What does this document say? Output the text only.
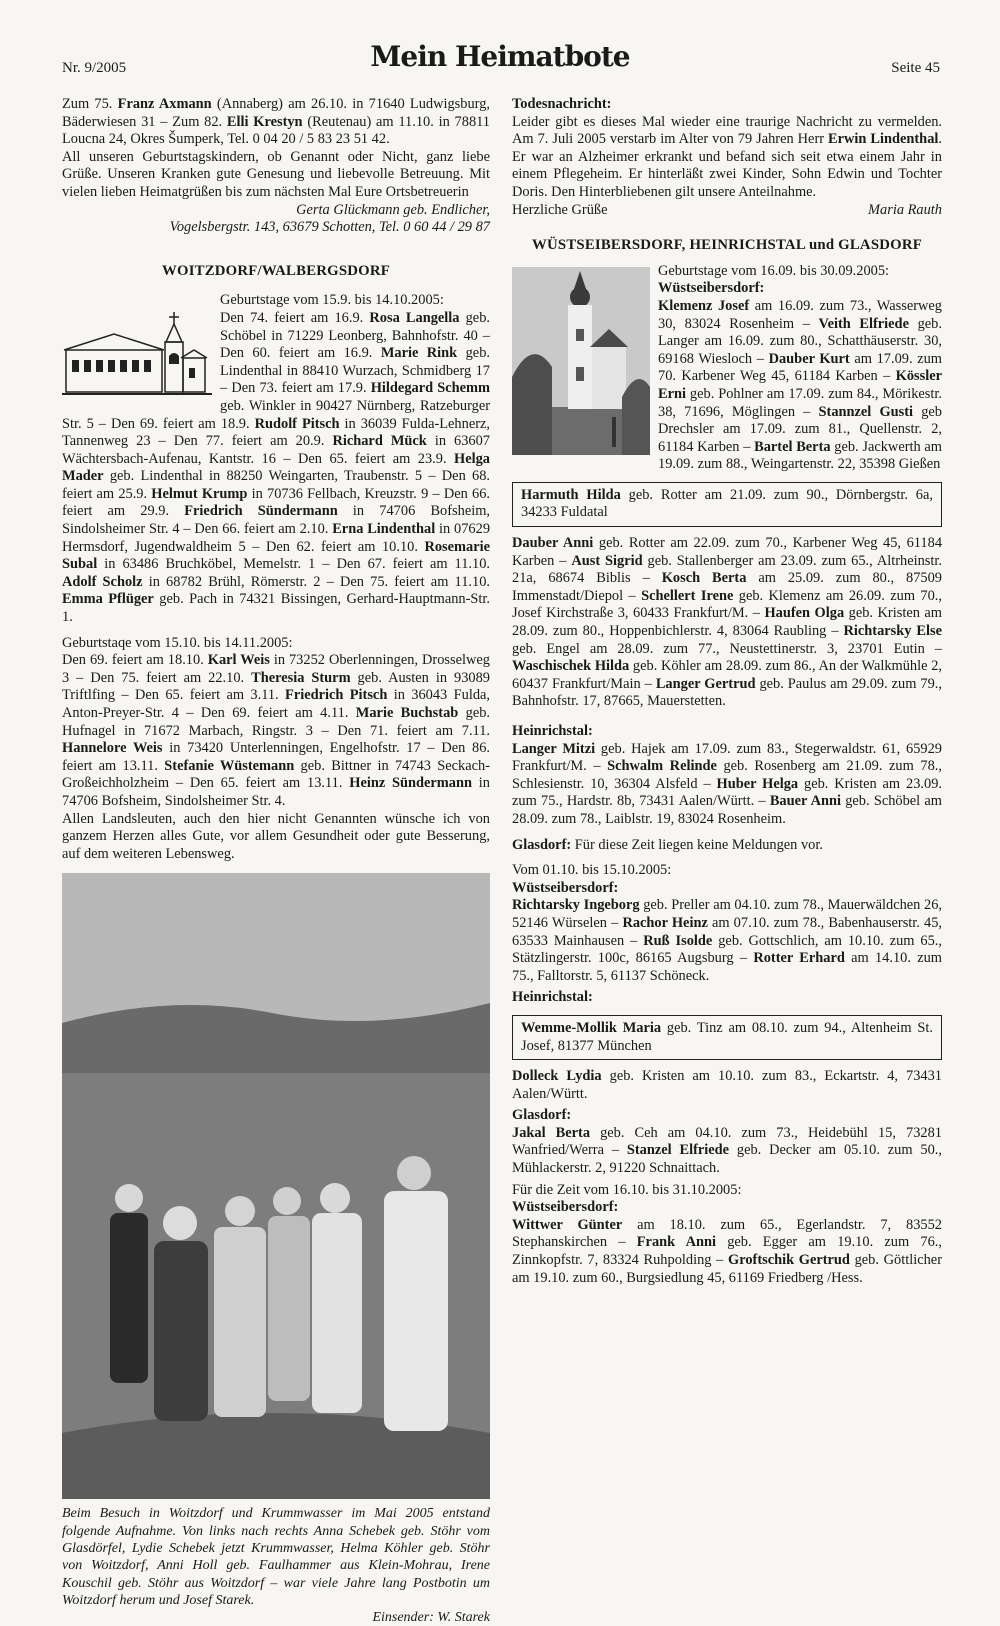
Nr. 9/2005	Mein Heimatbote	Seite 45

Zum 75. Franz Axmann (Annaberg) am 26.10. in 71640 Ludwigsburg, Bäderwiesen 31 – Zum 82. Elli Krestyn (Reutenau) am 11.10. in 78811 Loucna 24, Okres Šumperk, Tel. 0 04 20 / 5 83 23 51 42.

All unseren Geburtstagskindern, ob Genannt oder Nicht, ganz liebe Grüße. Unseren Kranken gute Genesung und liebevolle Betreuung. Mit vielen lieben Heimatgrüßen bis zum nächsten Mal Eure Ortsbetreuerin

Gerta Glückmann geb. Endlicher,
Vogelsbergstr. 143, 63679 Schotten, Tel. 0 60 44 / 29 87
WOITZDORF/WALBERGSDORF

Geburtstage vom 15.9. bis 14.10.2005:
Den 74. feiert am 16.9. Rosa Langella geb. Schöbel in 71229 Leonberg, Bahnhofstr. 40 – Den 60. feiert am 16.9. Marie Rink geb. Lindenthal in 88410 Wurzach, Schmidberg 17 – Den 73. feiert am 17.9. Hildegard Schemm geb. Winkler in 90427 Nürnberg, Ratzeburger Str. 5 – Den 69. feiert am 18.9. Rudolf Pitsch in 36039 Fulda-Lehnerz, Tannenweg 23 – Den 77. feiert am 20.9. Richard Mück in 63607 Wächtersbach-Aufenau, Kantstr. 16 – Den 65. feiert am 23.9. Helga Mader geb. Lindenthal in 88250 Weingarten, Traubenstr. 5 – Den 68. feiert am 25.9. Helmut Krump in 70736 Fellbach, Kreuzstr. 9 – Den 66. feiert am 29.9. Friedrich Sündermann in 74706 Bofsheim, Sindolsheimer Str. 4 – Den 66. feiert am 2.10. Erna Lindenthal in 07629 Hermsdorf, Jugendwaldheim 5 – Den 62. feiert am 10.10. Rosemarie Subal in 63486 Bruchköbel, Memelstr. 1 – Den 67. feiert am 11.10. Adolf Scholz in 68782 Brühl, Römerstr. 2 – Den 75. feiert am 11.10. Emma Pflüger geb. Pach in 74321 Bissingen, Gerhard-Hauptmann-Str. 1.

Geburtstaqe vom 15.10. bis 14.11.2005:
Den 69. feiert am 18.10. Karl Weis in 73252 Oberlenningen, Drosselweg 3 – Den 75. feiert am 22.10. Theresia Sturm geb. Austen in 93089 Triftlfing – Den 65. feiert am 3.11. Friedrich Pitsch in 36043 Fulda, Anton-Preyer-Str. 4 – Den 69. feiert am 4.11. Marie Buchstab geb. Hufnagel in 71672 Marbach, Ringstr. 3 – Den 71. feiert am 7.11. Hannelore Weis in 73420 Unterlenningen, Engelhofstr. 17 – Den 86. feiert am 13.11. Stefanie Wüstemann geb. Bittner in 74743 Seckach-Großeichholzheim – Den 65. feiert am 13.11. Heinz Sündermann in 74706 Bofsheim, Sindolsheimer Str. 4.

Allen Landsleuten, auch den hier nicht Genannten wünsche ich von ganzem Herzen alles Gute, vor allem Gesundheit oder gute Besserung, auf dem weiteren Lebensweg.

Beim Besuch in Woitzdorf und Krummwasser im Mai 2005 entstand folgende Aufnahme. Von links nach rechts Anna Schebek geb. Stöhr vom Glasdörfel, Lydie Schebek jetzt Krummwasser, Helma Köhler geb. Stöhr von Woitzdorf, Anni Holl geb. Faulhammer aus Klein-Mohrau, Irene Kouschil geb. Stöhr aus Woitzdorf – war viele Jahre lang Postbotin um Woitzdorf herum und Josef Starek.

Einsender: W. Starek

Todesnachricht:

Leider gibt es dieses Mal wieder eine traurige Nachricht zu vermelden. Am 7. Juli 2005 verstarb im Alter von 79 Jahren Herr Erwin Lindenthal. Er war an Alzheimer erkrankt und befand sich seit etwa einem Jahr in einem Pflegeheim. Er hinterläßt zwei Kinder, Sohn Edwin und Tochter Doris. Den Hinterbliebenen gilt unsere Anteilnahme.

Herzliche Grüße	Maria Rauth
WÜSTSEIBERSDORF, HEINRICHSTAL und GLASDORF

Geburtstage vom 16.09. bis 30.09.2005:
Wüstseibersdorf:
Klemenz Josef am 16.09. zum 73., Wasserweg 30, 83024 Rosenheim – Veith Elfriede geb. Langer am 16.09. zum 80., Schatthäuserstr. 30, 69168 Wiesloch – Dauber Kurt am 17.09. zum 70. Karbener Weg 45, 61184 Karben – Kössler Erni geb. Pohlner am 17.09. zum 84., Mörikestr. 38, 71696, Möglingen – Stannzel Gusti geb Drechsler am 17.09. zum 81., Quellenstr. 2, 61184 Karben – Bartel Berta geb. Jackwerth am 19.09. zum 88., Weingartenstr. 22, 35398 Gießen

Harmuth Hilda geb. Rotter am 21.09. zum 90., Dörnbergstr. 6a, 34233 Fuldatal

Dauber Anni geb. Rotter am 22.09. zum 70., Karbener Weg 45, 61184 Karben – Aust Sigrid geb. Stallenberger am 23.09. zum 65., Altrheinstr. 21a, 68674 Biblis – Kosch Berta am 25.09. zum 80., 87509 Immenstadt/Diepol – Schellert Irene geb. Klemenz am 26.09. zum 70., Josef Kirchstraße 3, 60433 Frankfurt/M. – Haufen Olga geb. Kristen am 28.09. zum 80., Hoppenbichlerstr. 4, 83064 Raubling – Richtarsky Else geb. Engel am 28.09. zum 77., Neustettinerstr. 3, 23701 Eutin – Waschischek Hilda geb. Köhler am 28.09. zum 86., An der Walkmühle 2, 60437 Frankfurt/Main – Langer Gertrud geb. Paulus am 29.09. zum 79., Bahnhofstr. 17, 87665, Mauerstetten.

Heinrichstal:

Langer Mitzi geb. Hajek am 17.09. zum 83., Stegerwaldstr. 61, 65929 Frankfurt/M. – Schwalm Relinde geb. Rosenberg am 21.09. zum 78., Schlesienstr. 10, 36304 Alsfeld – Huber Helga geb. Kristen am 23.09. zum 75., Hardstr. 8b, 73431 Aalen/Württ. – Bauer Anni geb. Schöbel am 28.09. zum 78., Laiblstr. 19, 83024 Rosenheim.

Glasdorf: Für diese Zeit liegen keine Meldungen vor.

Vom 01.10. bis 15.10.2005:

Wüstseibersdorf:

Richtarsky Ingeborg geb. Preller am 04.10. zum 78., Mauerwäldchen 26, 52146 Würselen – Rachor Heinz am 07.10. zum 78., Babenhauserstr. 45, 63533 Mainhausen – Ruß Isolde geb. Gottschlich, am 10.10. zum 65., Stätzlingerstr. 100c, 86165 Augsburg – Rotter Erhard am 14.10. zum 75., Falltorstr. 5, 61137 Schöneck.

Heinrichstal:

Wemme-Mollik Maria geb. Tinz am 08.10. zum 94., Altenheim St. Josef, 81377 München

Dolleck Lydia geb. Kristen am 10.10. zum 83., Eckartstr. 4, 73431 Aalen/Württ.

Glasdorf:

Jakal Berta geb. Ceh am 04.10. zum 73., Heidebühl 15, 73281 Wanfried/Werra – Stanzel Elfriede geb. Decker am 05.10. zum 50., Mühlackerstr. 2, 91220 Schnaittach.

Für die Zeit vom 16.10. bis 31.10.2005:

Wüstseibersdorf:

Wittwer Günter am 18.10. zum 65., Egerlandstr. 7, 83552 Stephanskirchen – Frank Anni geb. Egger am 19.10. zum 76., Zinnkopfstr. 7, 83324 Ruhpolding – Groftschik Gertrud geb. Göttlicher am 19.10. zum 60., Burgsiedlung 45, 61169 Friedberg /Hess.
